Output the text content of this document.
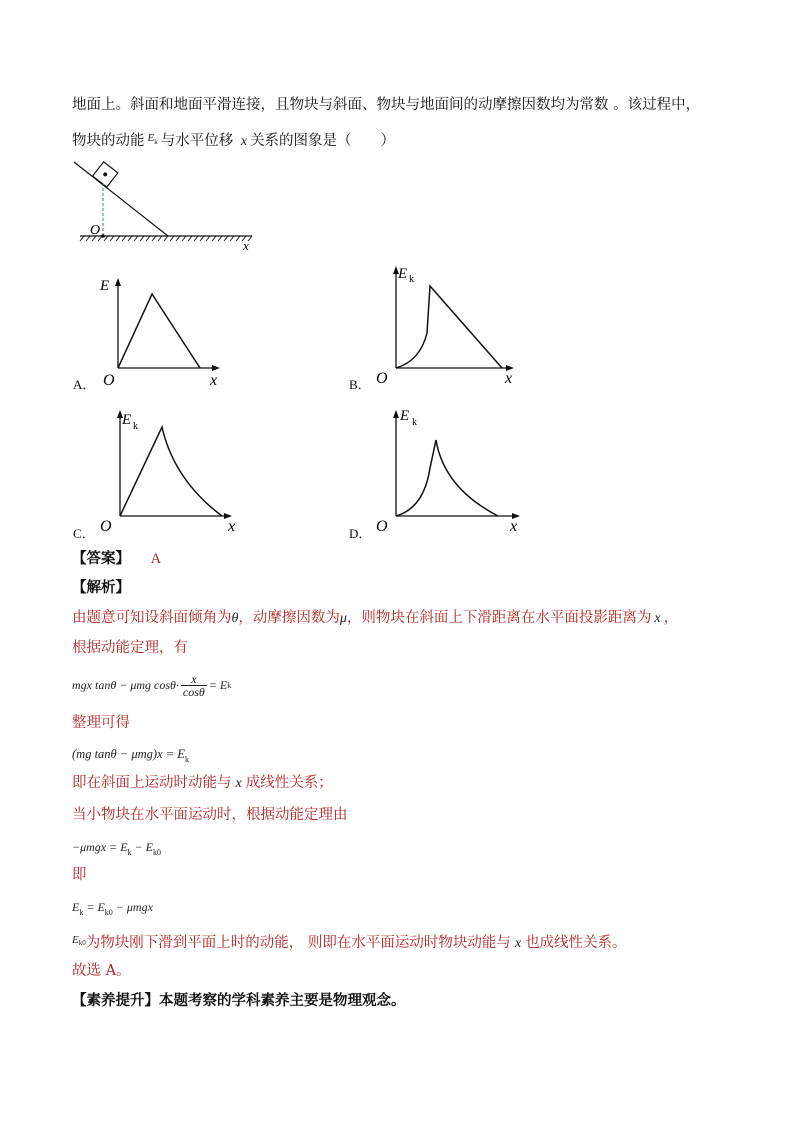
地面上。斜面和地面平滑连接，且物块与斜面、物块与地面间的动摩擦因数均为常数 。该过程中，
物块的动能 $^{E_k}$ 与水平位移 x 关系的图象是（　　）
O
x
A．
E
O	x	B．
E k
O	x
C．
E k
O	x	D．
E k
O	x
【答案】 A
【解析】
由题意可知设斜面倾角为θ，动摩擦因数为μ，则物块在斜面上下滑距离在水平面投影距离为 x ，
根据动能定理，有
mgx tanθ − μmg $\cos\theta\cdot \frac{x}{\cos\theta} = E$ k
整理可得
(mg $\tan\theta - \mu mg)x = E_k$
即在斜面上运动时动能与 x 成线性关系；
当小物块在水平面运动时，根据动能定理由
$-\mu mgx = E_k - E_{k0}$
即
$E_k = E_{k0} - \mu mgx$
$^E_{k0}$为物块刚下滑到平面上时的动能， 则即在水平面运动时物块动能与 x 也成线性关系。
故选 A。
【素养提升】本题考察的学科素养主要是物理观念。
